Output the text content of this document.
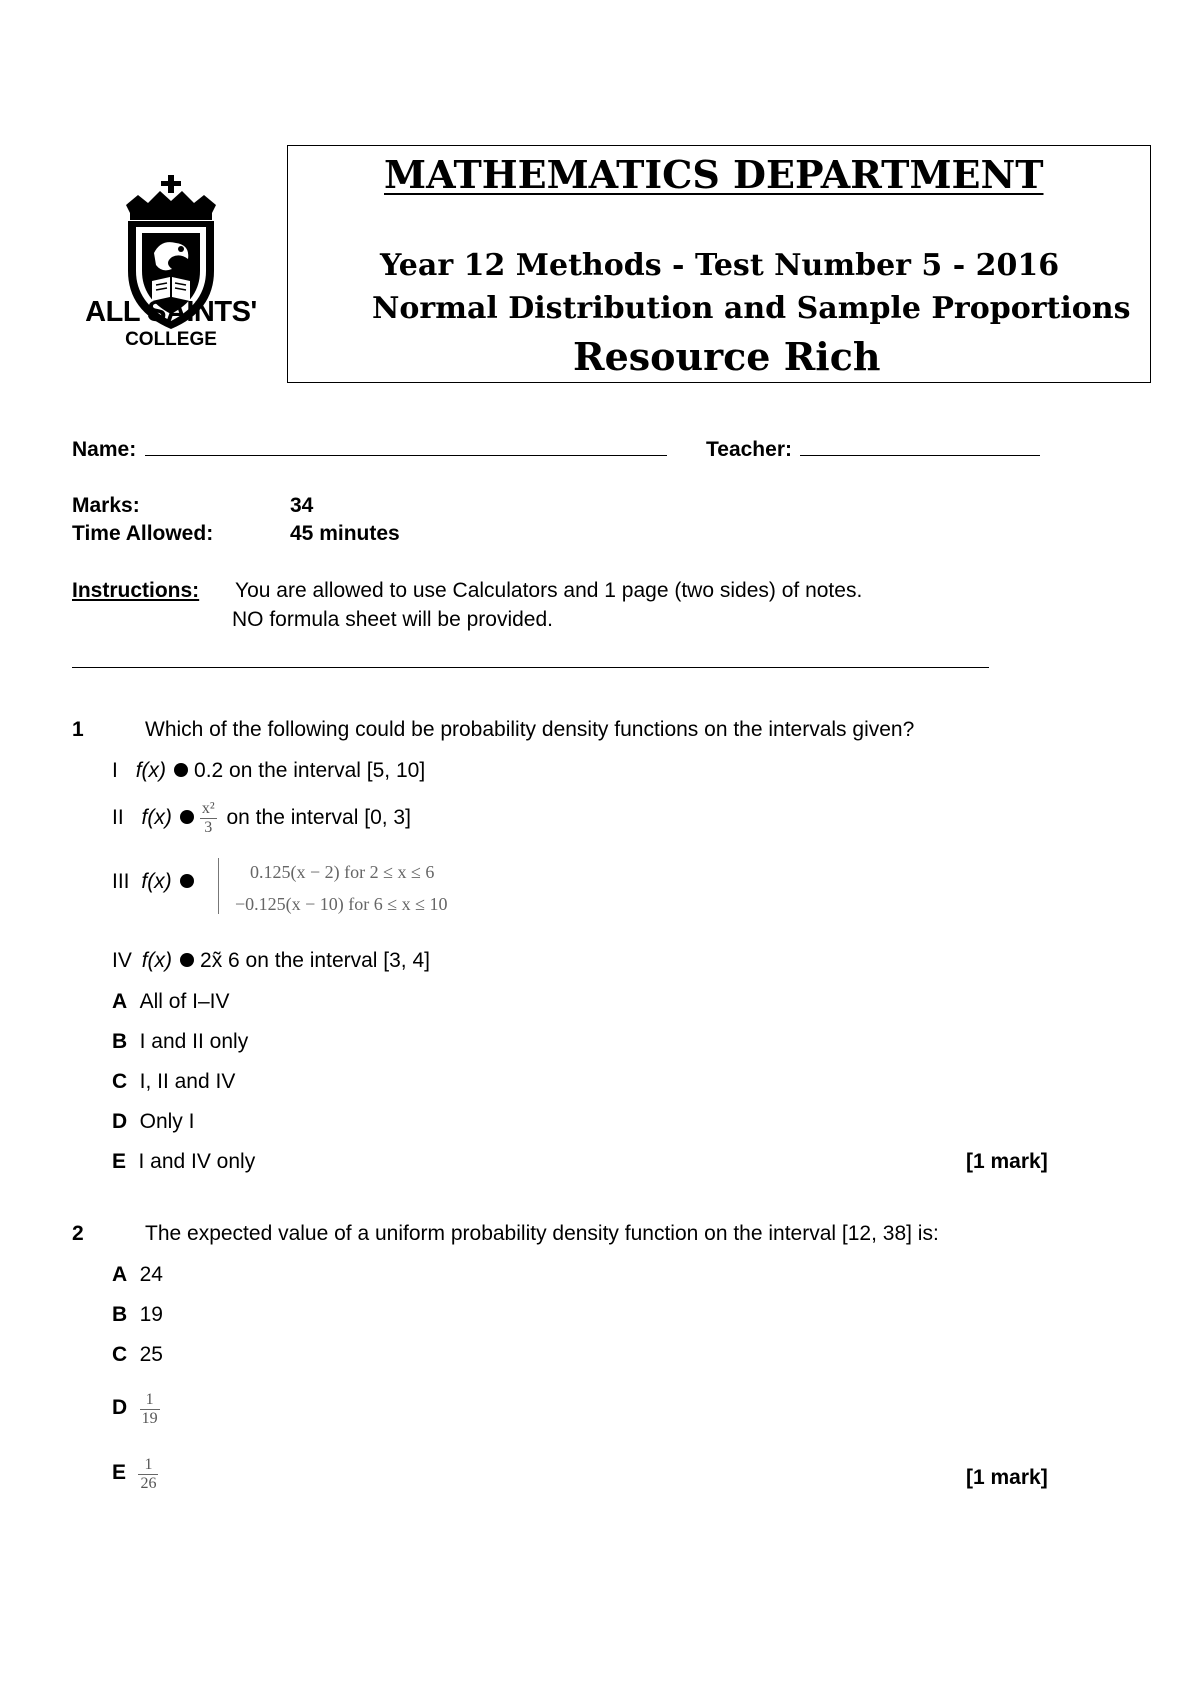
ALL SAINTS'
COLLEGE
MATHEMATICS DEPARTMENT
Year 12 Methods - Test Number 5 - 2016
Normal Distribution and Sample Proportions
Resource Rich
Name:	Teacher:
Marks:	34
Time Allowed:	45 minutes
Instructions: You are allowed to use Calculators and 1 page (two sides) of notes.
NO formula sheet will be provided.
1	Which of the following could be probability density functions on the intervals given?
I f(x) 0.2 on the interval [5, 10]
II $f(x) \frac{\text{x²}}{3}$ on the interval [0, 3]
III f(x)	0.125(x − 2) for 2 ≤ x ≤ 6
−0.125(x − 10) for 6 ≤ x ≤ 10
IV f(x) 2x̃ 6 on the interval [3, 4]
A All of I–IV
B I and II only
C I, II and IV
D Only I
E I and IV only	[1 mark]
2	The expected value of a uniform probability density function on the interval [12, 38] is:
A 24
B 19
C 25
D $\frac{1}{19}$
E $\frac{1}{26}$	[1 mark]
